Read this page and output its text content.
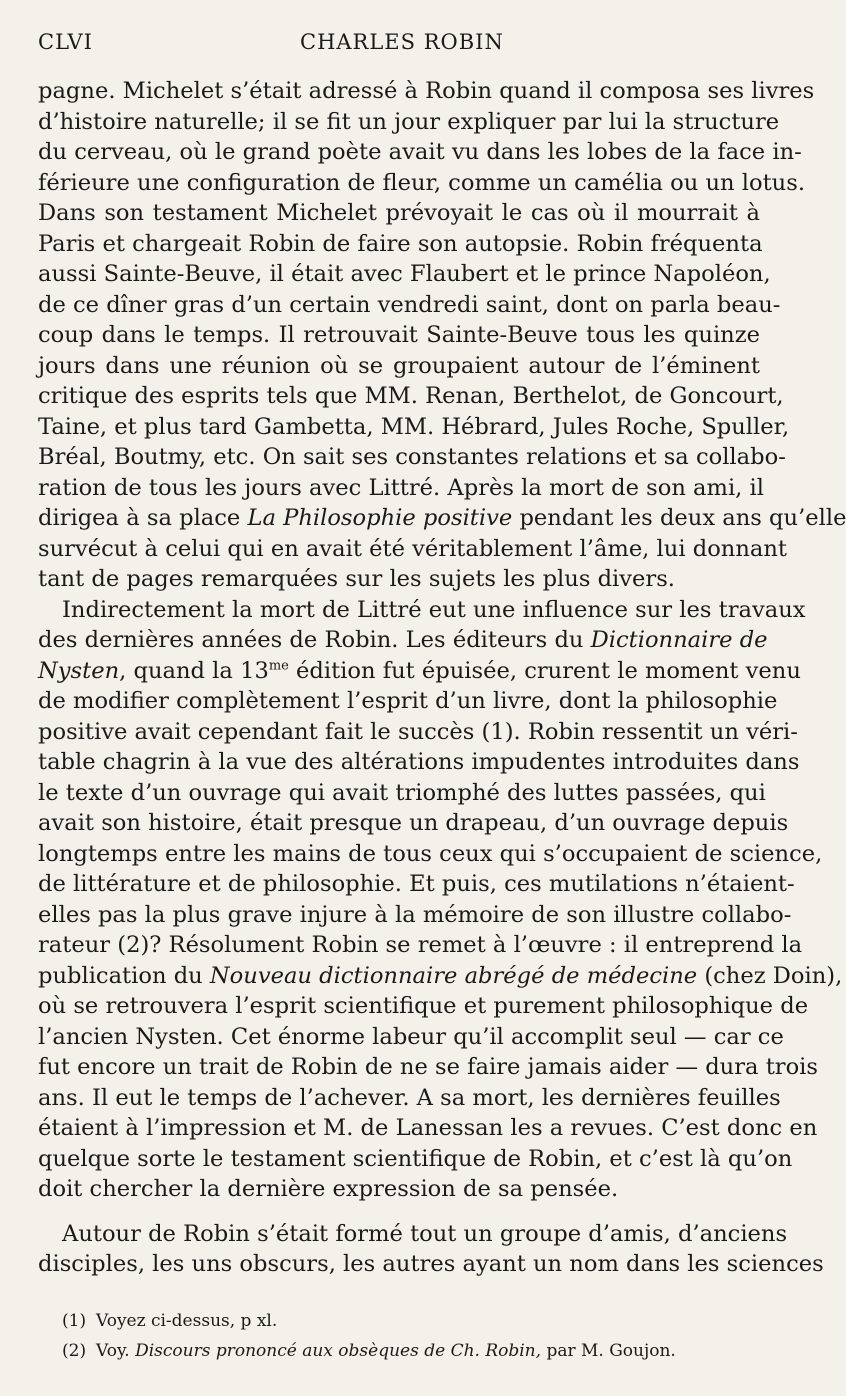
CLVI	CHARLES ROBIN
pagne. Michelet s’était adressé à Robin quand il composa ses livres
d’histoire naturelle; il se fit un jour expliquer par lui la structure
du cerveau, où le grand poète avait vu dans les lobes de la face in-
férieure une configuration de fleur, comme un camélia ou un lotus.
Dans son testament Michelet prévoyait le cas où il mourrait à
Paris et chargeait Robin de faire son autopsie. Robin fréquenta
aussi Sainte-Beuve, il était avec Flaubert et le prince Napoléon,
de ce dîner gras d’un certain vendredi saint, dont on parla beau-
coup dans le temps. Il retrouvait Sainte-Beuve tous les quinze
jours dans une réunion où se groupaient autour de l’éminent
critique des esprits tels que MM. Renan, Berthelot, de Goncourt,
Taine, et plus tard Gambetta, MM. Hébrard, Jules Roche, Spuller,
Bréal, Boutmy, etc. On sait ses constantes relations et sa collabo-
ration de tous les jours avec Littré. Après la mort de son ami, il
dirigea à sa place La Philosophie positive pendant les deux ans qu’elle
survécut à celui qui en avait été véritablement l’âme, lui donnant
tant de pages remarquées sur les sujets les plus divers.
Indirectement la mort de Littré eut une influence sur les travaux
des dernières années de Robin. Les éditeurs du Dictionnaire de
Nysten, quand la $13^{me}$ édition fut épuisée, crurent le moment venu
de modifier complètement l’esprit d’un livre, dont la philosophie
positive avait cependant fait le succès (1). Robin ressentit un véri-
table chagrin à la vue des altérations impudentes introduites dans
le texte d’un ouvrage qui avait triomphé des luttes passées, qui
avait son histoire, était presque un drapeau, d’un ouvrage depuis
longtemps entre les mains de tous ceux qui s’occupaient de science,
de littérature et de philosophie. Et puis, ces mutilations n’étaient-
elles pas la plus grave injure à la mémoire de son illustre collabo-
rateur (2)? Résolument Robin se remet à l’œuvre : il entreprend la
publication du Nouveau dictionnaire abrégé de médecine (chez Doin),
où se retrouvera l’esprit scientifique et purement philosophique de
l’ancien Nysten. Cet énorme labeur qu’il accomplit seul — car ce
fut encore un trait de Robin de ne se faire jamais aider — dura trois
ans. Il eut le temps de l’achever. A sa mort, les dernières feuilles
étaient à l’impression et M. de Lanessan les a revues. C’est donc en
quelque sorte le testament scientifique de Robin, et c’est là qu’on
doit chercher la dernière expression de sa pensée.
Autour de Robin s’était formé tout un groupe d’amis, d’anciens
disciples, les uns obscurs, les autres ayant un nom dans les sciences
(1) Voyez ci-dessus, p xl.
(2) Voy. Discours prononcé aux obsèques de Ch. Robin, par M. Goujon.
